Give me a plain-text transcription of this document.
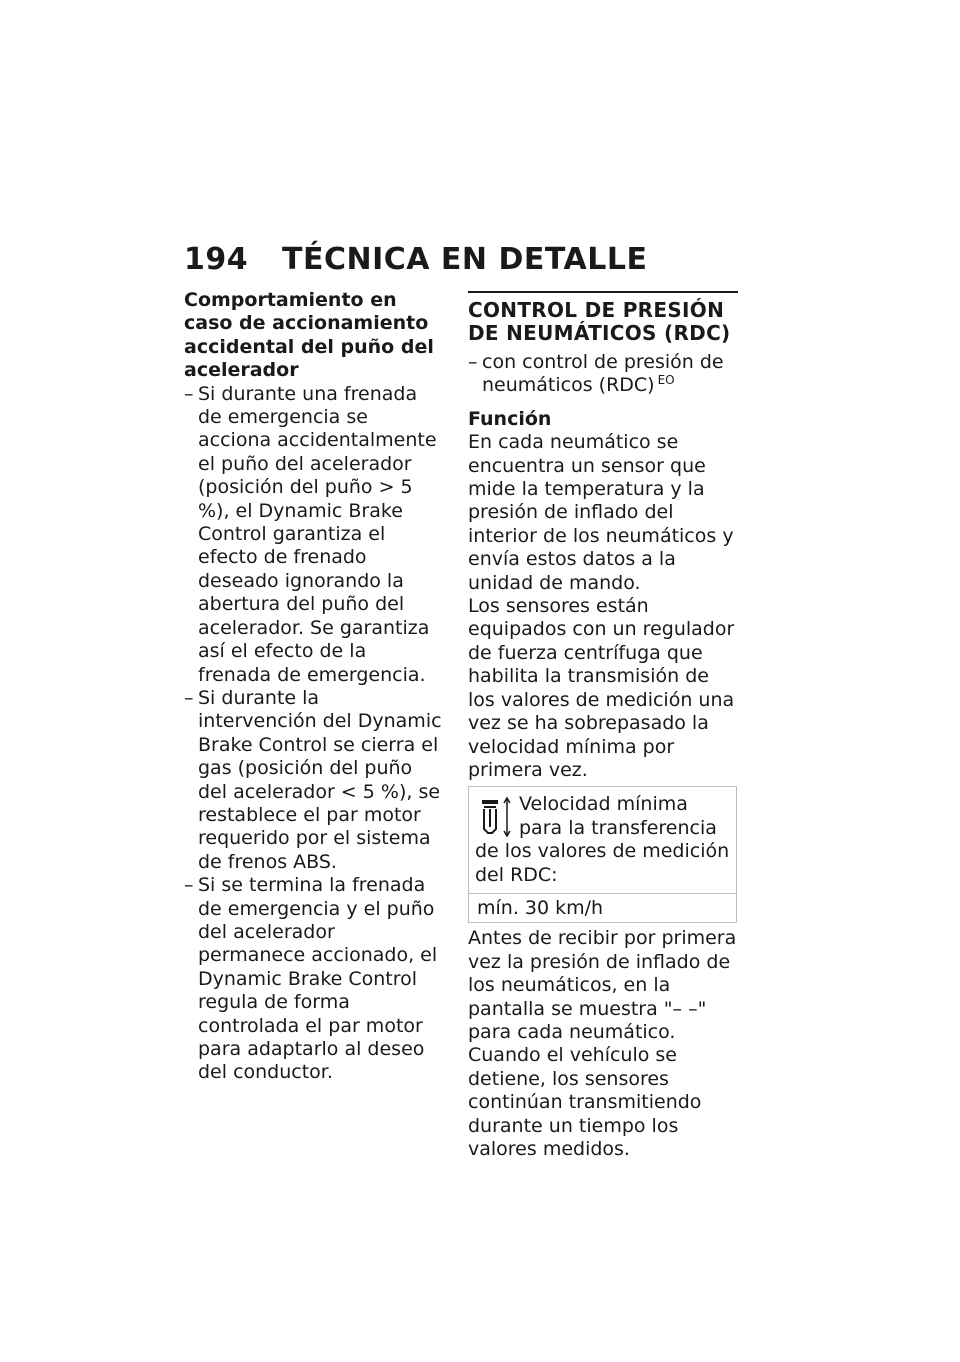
194 TÉCNICA EN DETALLE

Comportamiento en caso de accionamiento accidental del puño del acelerador

– Si durante una frenada de emergencia se acciona accidentalmente el puño del acelerador (posición del puño > 5 %), el Dynamic Brake Control garantiza el efecto de frenado deseado ignorando la abertura del puño del acelerador. Se garantiza así el efecto de la frenada de emergencia.
– Si durante la intervención del Dynamic Brake Control se cierra el gas (posición del puño del acelerador < 5 %), se restablece el par motor requerido por el sistema de frenos ABS.
– Si se termina la frenada de emergencia y el puño del acelerador permanece accionado, el Dynamic Brake Control regula de forma controlada el par motor para adaptarlo al deseo del conductor.
CONTROL DE PRESIÓN DE NEUMÁTICOS (RDC)
– con control de presión de neumáticos (RDC) $^{EO}$

Función

En cada neumático se encuentra un sensor que mide la temperatura y la presión de inflado del interior de los neumáticos y envía estos datos a la unidad de mando.

Los sensores están equipados con un regulador de fuerza centrífuga que habilita la transmisión de los valores de medición una vez se ha sobrepasado la velocidad mínima por primera vez.

Velocidad mínima para la transferencia de los valores de medición del RDC:
mín. 30 km/h

Antes de recibir por primera vez la presión de inflado de los neumáticos, en la pantalla se muestra "– –" para cada neumático. Cuando el vehículo se detiene, los sensores continúan transmitiendo durante un tiempo los valores medidos.
